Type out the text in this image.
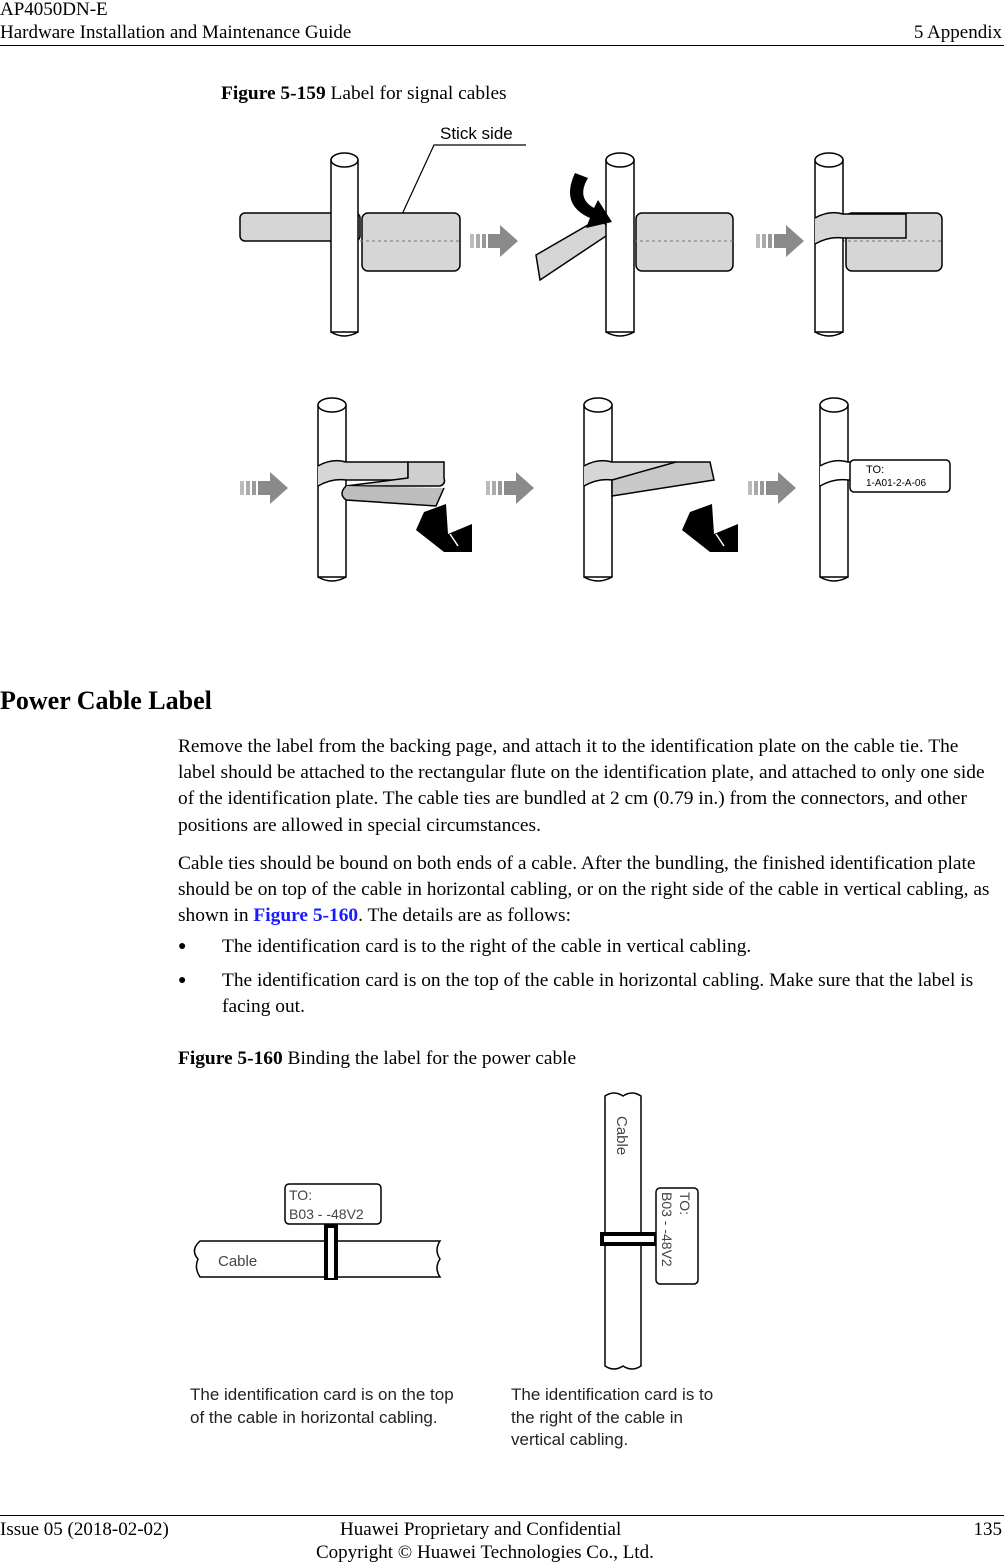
AP4050DN-E
Hardware Installation and Maintenance Guide	5 Appendix
Figure 5-159 Label for signal cables
Stick side
TO:
1-A01-2-A-06
Power Cable Label
Remove the label from the backing page, and attach it to the identification plate on the cable tie. The label should be attached to the rectangular flute on the identification plate, and attached to only one side of the identification plate. The cable ties are bundled at 2 cm (0.79 in.) from the connectors, and other positions are allowed in special circumstances.
Cable ties should be bound on both ends of a cable. After the bundling, the finished identification plate should be on top of the cable in horizontal cabling, or on the right side of the cable in vertical cabling, as shown in Figure 5-160. The details are as follows:
● The identification card is to the right of the cable in vertical cabling.
● The identification card is on the top of the cable in horizontal cabling. Make sure that the label is facing out.
Figure 5-160 Binding the label for the power cable
Cable
TO:
B03 - -48V2
Cable
TO:
B03 - -48V2
The identification card is on the top of the cable in horizontal cabling.
The identification card is to the right of the cable in vertical cabling.
Issue 05 (2018-02-02)	Huawei Proprietary and Confidential
Copyright © Huawei Technologies Co., Ltd.
135
